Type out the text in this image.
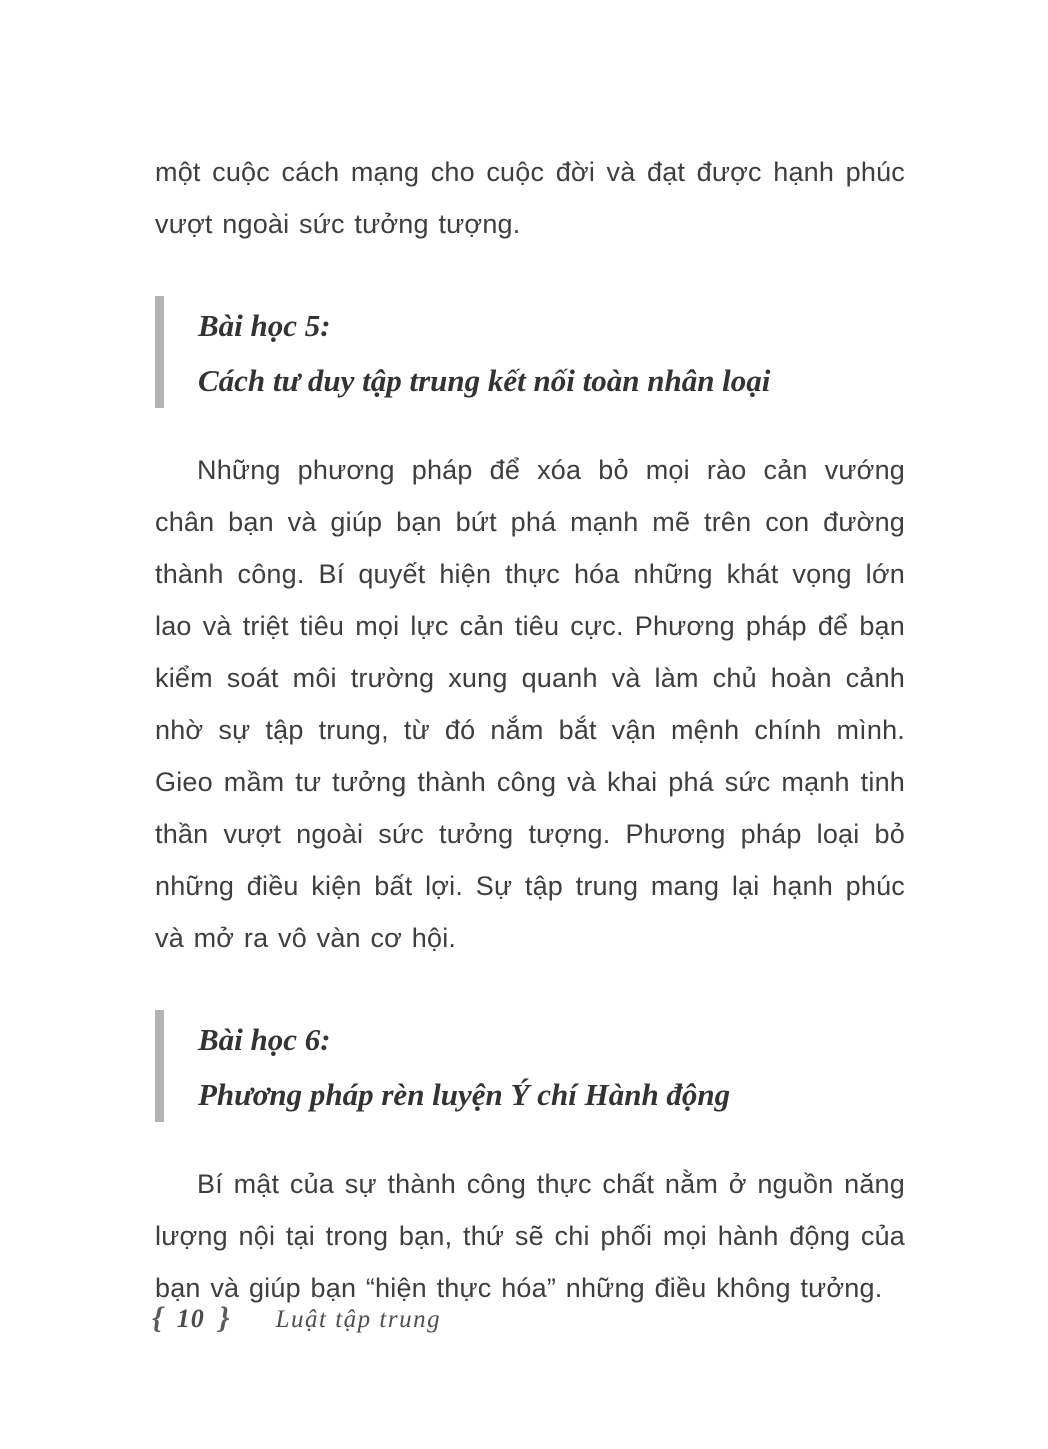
một cuộc cách mạng cho cuộc đời và đạt được hạnh phúc vượt ngoài sức tưởng tượng.

Bài học 5:
Cách tư duy tập trung kết nối toàn nhân loại

Những phương pháp để xóa bỏ mọi rào cản vướng chân bạn và giúp bạn bứt phá mạnh mẽ trên con đường thành công. Bí quyết hiện thực hóa những khát vọng lớn lao và triệt tiêu mọi lực cản tiêu cực. Phương pháp để bạn kiểm soát môi trường xung quanh và làm chủ hoàn cảnh nhờ sự tập trung, từ đó nắm bắt vận mệnh chính mình. Gieo mầm tư tưởng thành công và khai phá sức mạnh tinh thần vượt ngoài sức tưởng tượng. Phương pháp loại bỏ những điều kiện bất lợi. Sự tập trung mang lại hạnh phúc và mở ra vô vàn cơ hội.

Bài học 6:
Phương pháp rèn luyện Ý chí Hành động

Bí mật của sự thành công thực chất nằm ở nguồn năng lượng nội tại trong bạn, thứ sẽ chi phối mọi hành động của bạn và giúp bạn “hiện thực hóa” những điều không tưởng.

{ 10 } Luật tập trung
